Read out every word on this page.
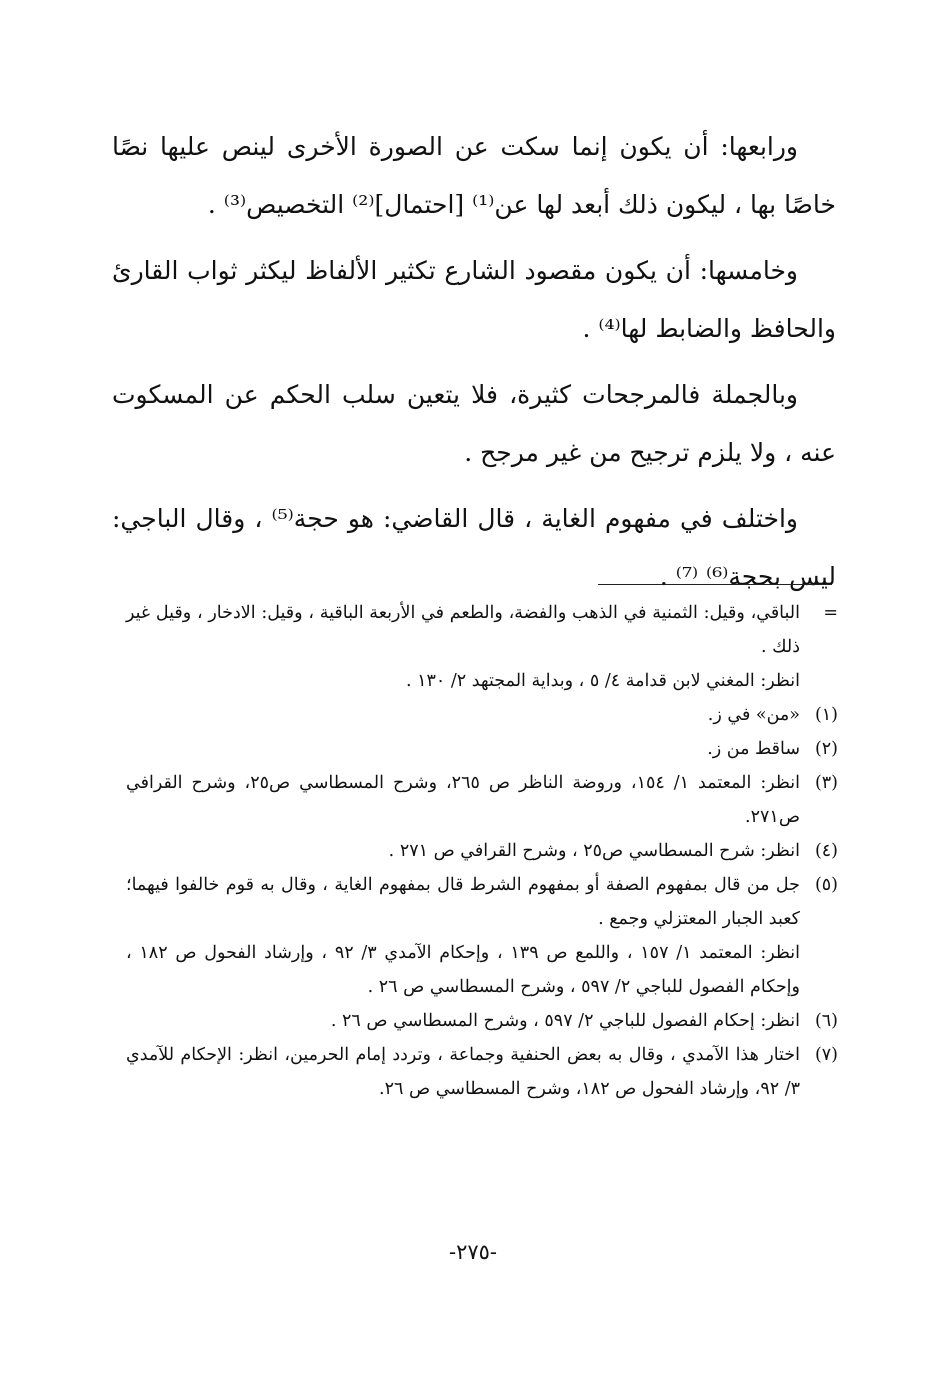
ورابعها: أن يكون إنما سكت عن الصورة الأخرى لينص عليها نصًا خاصًا بها ، ليكون ذلك أبعد لها عن⁽¹⁾ [احتمال]⁽²⁾ التخصيص⁽³⁾ .

وخامسها: أن يكون مقصود الشارع تكثير الألفاظ ليكثر ثواب القارئ والحافظ والضابط لها⁽⁴⁾ .

وبالجملة فالمرجحات كثيرة، فلا يتعين سلب الحكم عن المسكوت عنه ، ولا يلزم ترجيح من غير مرجح .

واختلف في مفهوم الغاية ، قال القاضي: هو حجة⁽⁵⁾ ، وقال الباجي: ليس بحجة⁽⁶⁾ ⁽⁷⁾ .

=
الباقي، وقيل: الثمنية في الذهب والفضة، والطعم في الأربعة الباقية ، وقيل: الادخار ، وقيل غير ذلك .
انظر: المغني لابن قدامة ٤/ ٥ ، وبداية المجتهد ٢/ ١٣٠ .
(١)
«من» في ز.
(٢)
ساقط من ز.
(٣)
انظر: المعتمد ١/ ١٥٤، وروضة الناظر ص ٢٦٥، وشرح المسطاسي ص٢٥، وشرح القرافي ص٢٧١.
(٤)
انظر: شرح المسطاسي ص٢٥ ، وشرح القرافي ص ٢٧١ .
(٥)
جل من قال بمفهوم الصفة أو بمفهوم الشرط قال بمفهوم الغاية ، وقال به قوم خالفوا فيهما؛ كعبد الجبار المعتزلي وجمع .
انظر: المعتمد ١/ ١٥٧ ، واللمع ص ١٣٩ ، وإحكام الآمدي ٣/ ٩٢ ، وإرشاد الفحول ص ١٨٢ ، وإحكام الفصول للباجي ٢/ ٥٩٧ ، وشرح المسطاسي ص ٢٦ .
(٦)
انظر: إحكام الفصول للباجي ٢/ ٥٩٧ ، وشرح المسطاسي ص ٢٦ .
(٧)
اختار هذا الآمدي ، وقال به بعض الحنفية وجماعة ، وتردد إمام الحرمين، انظر: الإحكام للآمدي ٣/ ٩٢، وإرشاد الفحول ص ١٨٢، وشرح المسطاسي ص ٢٦.
-٢٧٥-
